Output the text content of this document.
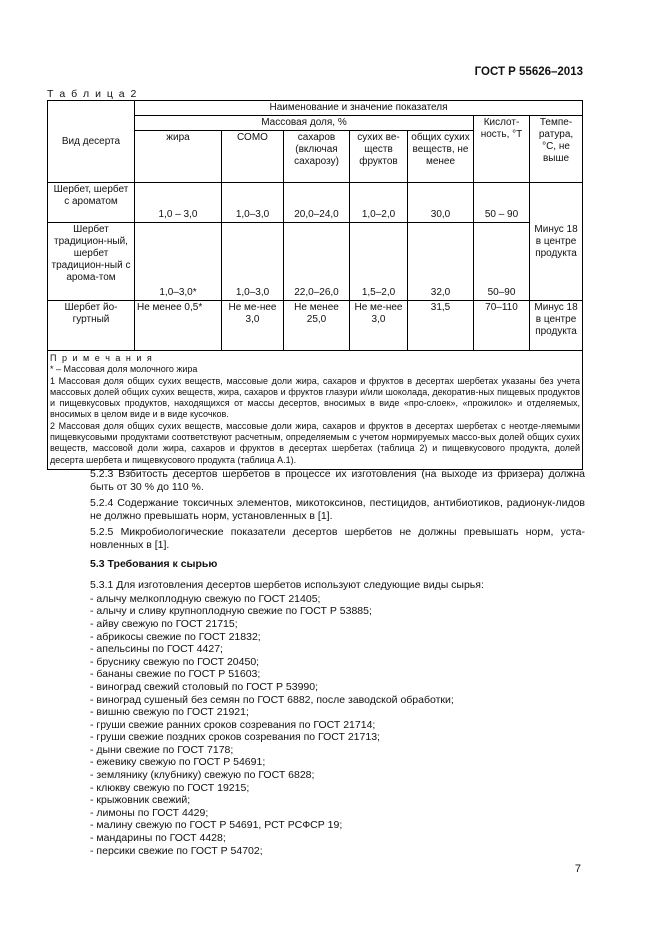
ГОСТ Р 55626–2013
Т а б л и ц а 2
Вид десерта	Наименование и значение показателя						
	Массовая доля, %					Кислот-ность, °Т	Темпе-ратура, °С, не выше
	жира	СОМО	сахаров (включая сахарозу)	сухих ве-ществ фруктов	общих сухих веществ, не менее		
Шербет, шербет с ароматом	1,0 – 3,0	1,0–3,0	20,0–24,0	1,0–2,0	30,0	50 – 90	Минус 18 в центре продукта
Шербет традицион-ный, шербет традицион-ный с арома-том	1,0–3,0*	1,0–3,0	22,0–26,0	1,5–2,0	32,0	50–90	
Шербет йо-гуртный	Не менее 0,5*	Не ме-нее 3,0	Не менее 25,0	Не ме-нее 3,0	31,5	70–110	Минус 18 в центре продукта

П р и м е ч а н и я
* – Массовая доля молочного жира
1 Массовая доля общих сухих веществ, массовые доли жира, сахаров и фруктов в десертах шербетах указаны без учета массовых долей общих сухих веществ, жира, сахаров и фруктов глазури и/или шоколада, декоратив-ных пищевых продуктов и пищевкусовых продуктов, находящихся от массы десертов, вносимых в виде «про-слоек», «прожилок» и отделяемых, вносимых в целом виде и в виде кусочков.
2 Массовая доля общих сухих веществ, массовые доли жира, сахаров и фруктов в десертах шербетах с неотде-ляемыми пищевкусовыми продуктами соответствуют расчетным, определяемым с учетом нормируемых массо-вых долей общих сухих веществ, массовой доли жира, сахаров и фруктов в десертах шербетах (таблица 2) и пищевкусового продукта, долей десерта шербета и пищевкусового продукта (таблица А.1).							

5.2.3 Взбитость десертов шербетов в процессе их изготовления (на выходе из фризера) должна быть от 30 % до 110 %.

5.2.4 Содержание токсичных элементов, микотоксинов, пестицидов, антибиотиков, радионук-лидов не должно превышать норм, установленных в [1].

5.2.5 Микробиологические показатели десертов шербетов не должны превышать норм, уста-новленных в [1].

5.3 Требования к сырью

5.3.1 Для изготовления десертов шербетов используют следующие виды сырья:

- алычу мелкоплодную свежую по ГОСТ 21405;
- алычу и сливу крупноплодную свежие по ГОСТ Р 53885;
- айву свежую по ГОСТ 21715;
- абрикосы свежие по ГОСТ 21832;
- апельсины по ГОСТ 4427;
- бруснику свежую по ГОСТ 20450;
- бананы свежие по ГОСТ Р 51603;
- виноград свежий столовый по ГОСТ Р 53990;
- виноград сушеный без семян по ГОСТ 6882, после заводской обработки;
- вишню свежую по ГОСТ 21921;
- груши свежие ранних сроков созревания по ГОСТ 21714;
- груши свежие поздних сроков созревания по ГОСТ 21713;
- дыни свежие по ГОСТ 7178;
- ежевику свежую по ГОСТ Р 54691;
- землянику (клубнику) свежую по ГОСТ 6828;
- клюкву свежую по ГОСТ 19215;
- крыжовник свежий;
- лимоны по ГОСТ 4429;
- малину свежую по ГОСТ Р 54691, РСТ РСФСР 19;
- мандарины по ГОСТ 4428;
- персики свежие по ГОСТ Р 54702;
7
